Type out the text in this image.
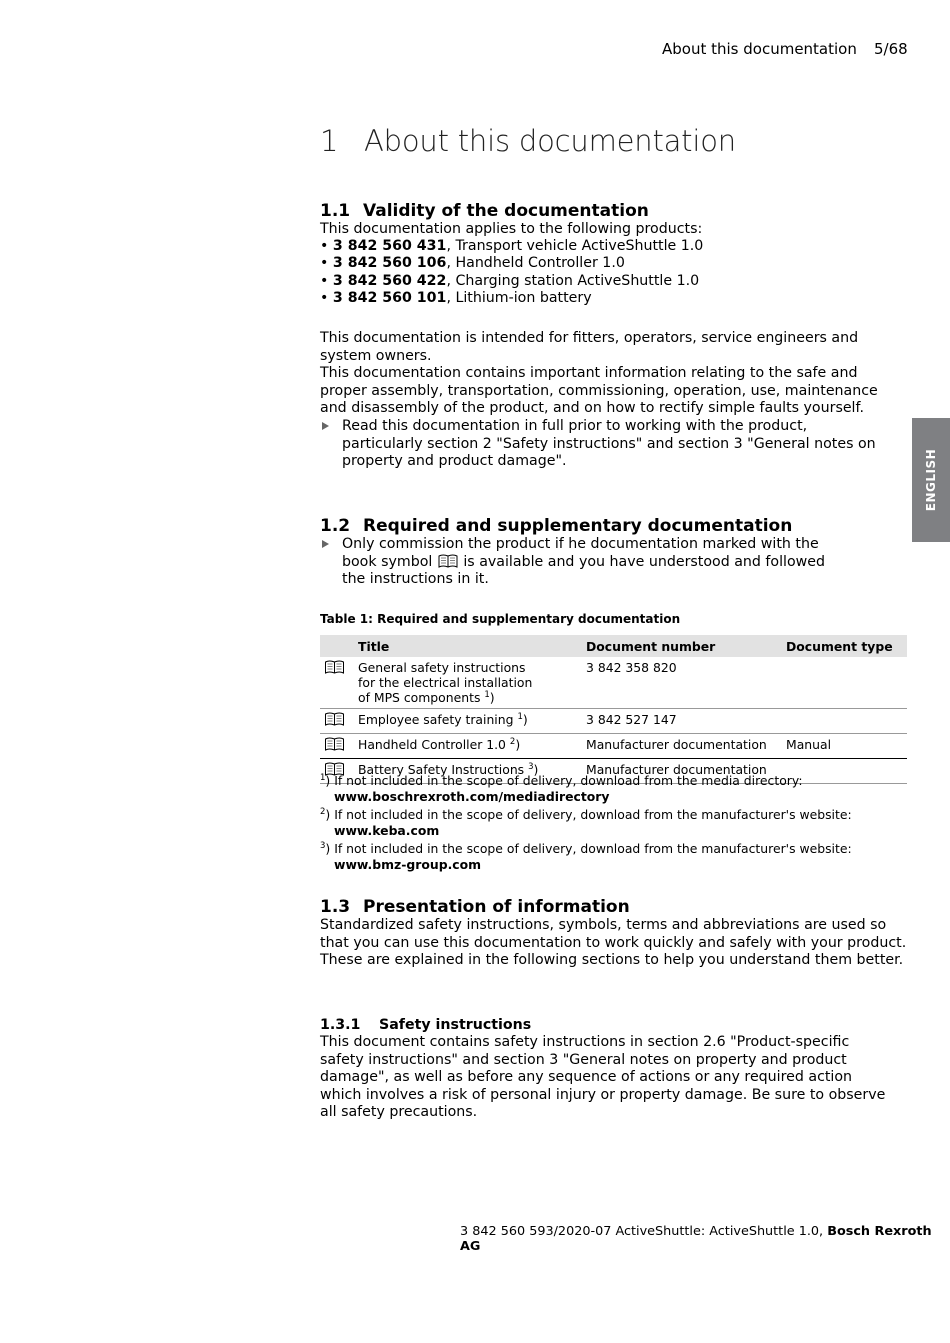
About this documentation 5/68
ENGLISH
1 About this documentation
1.1 Validity of the documentation

This documentation applies to the following products:

• 3 842 560 431, Transport vehicle ActiveShuttle 1.0
• 3 842 560 106, Handheld Controller 1.0
• 3 842 560 422, Charging station ActiveShuttle 1.0
• 3 842 560 101, Lithium-ion battery

This documentation is intended for fitters, operators, service engineers and system owners.

This documentation contains important information relating to the safe and proper assembly, transportation, commissioning, operation, use, maintenance and disassembly of the product, and on how to rectify simple faults yourself.

Read this documentation in full prior to working with the product, particularly section 2 "Safety instructions" and section 3 "General notes on property and product damage".
1.2 Required and supplementary documentation
Only commission the product if he documentation marked with the book symbol is available and you have understood and followed the instructions in it.
Table 1: Required and supplementary documentation
	Title	Document number	Document type
	General safety instructions for the electrical installation of MPS components $^1$)	3 842 358 820	
	Employee safety training $^1$)	3 842 527 147	
	Handheld Controller 1.0 $^2$)	Manufacturer documentation	Manual
	Battery Safety Instructions $^3$)	Manufacturer documentation	
$^1$) If not included in the scope of delivery, download from the media directory:
www.boschrexroth.com/mediadirectory
$^2$) If not included in the scope of delivery, download from the manufacturer's website:
www.keba.com
$^3$) If not included in the scope of delivery, download from the manufacturer's website:
www.bmz-group.com
1.3 Presentation of information

Standardized safety instructions, symbols, terms and abbreviations are used so that you can use this documentation to work quickly and safely with your product. These are explained in the following sections to help you understand them better.

1.3.1 Safety instructions

This document contains safety instructions in section 2.6 "Product-specific safety instructions" and section 3 "General notes on property and product damage", as well as before any sequence of actions or any required action which involves a risk of personal injury or property damage. Be sure to observe all safety precautions.

3 842 560 593/2020-07 ActiveShuttle: ActiveShuttle 1.0, Bosch Rexroth AG
